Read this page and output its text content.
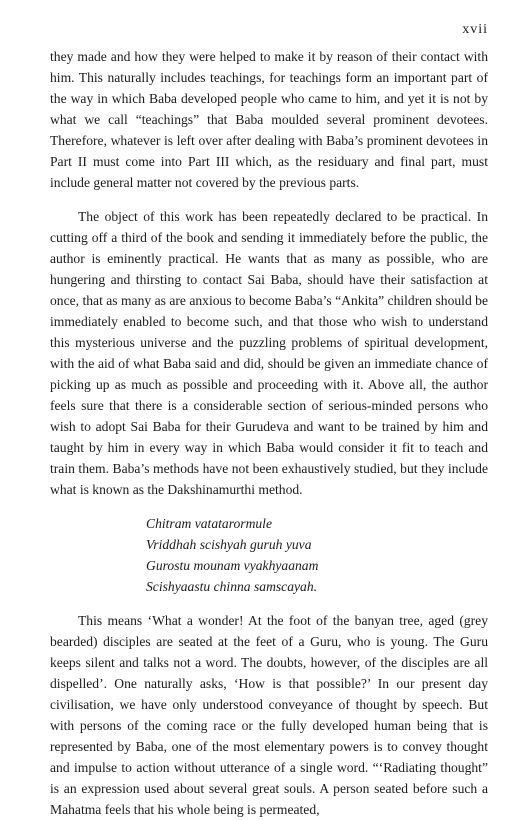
xvii

they made and how they were helped to make it by reason of their contact with him. This naturally includes teachings, for teachings form an important part of the way in which Baba developed people who came to him, and yet it is not by what we call “teachings” that Baba moulded several prominent devotees. Therefore, whatever is left over after dealing with Baba’s prominent devotees in Part II must come into Part III which, as the residuary and final part, must include general matter not covered by the previous parts.

The object of this work has been repeatedly declared to be practical. In cutting off a third of the book and sending it immediately before the public, the author is eminently practical. He wants that as many as possible, who are hungering and thirsting to contact Sai Baba, should have their satisfaction at once, that as many as are anxious to become Baba’s “Ankita” children should be immediately enabled to become such, and that those who wish to understand this mysterious universe and the puzzling problems of spiritual development, with the aid of what Baba said and did, should be given an immediate chance of picking up as much as possible and proceeding with it. Above all, the author feels sure that there is a considerable section of serious-minded persons who wish to adopt Sai Baba for their Gurudeva and want to be trained by him and taught by him in every way in which Baba would consider it fit to teach and train them. Baba’s methods have not been exhaustively studied, but they include what is known as the Dakshinamurthi method.

Chitram vatatarormule
Vriddhah scishyah guruh yuva
Gurostu mounam vyakhyaanam
Scishyaastu chinna samscayah.

This means ‘What a wonder! At the foot of the banyan tree, aged (grey bearded) disciples are seated at the feet of a Guru, who is young. The Guru keeps silent and talks not a word. The doubts, however, of the disciples are all dispelled’. One naturally asks, ‘How is that possible?’ In our present day civilisation, we have only understood conveyance of thought by speech. But with persons of the coming race or the fully developed human being that is represented by Baba, one of the most elementary powers is to convey thought and impulse to action without utterance of a single word. “‘Radiating thought” is an expression used about several great souls. A person seated before such a Mahatma feels that his whole being is permeated,
